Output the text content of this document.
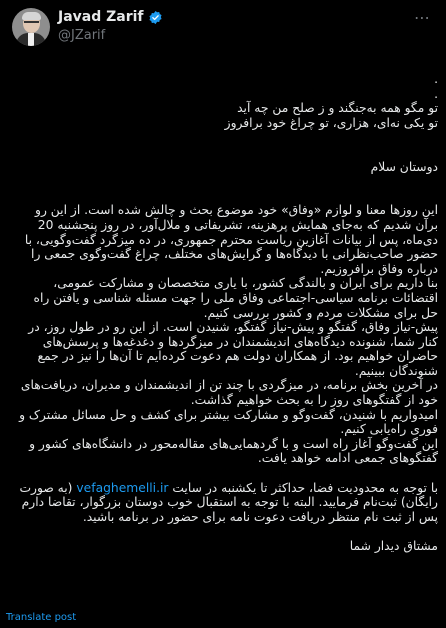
Javad Zarif
@JZarif
⋯

.

.

تو مگو همه به‌جنگند و ز صلح من چه آید

تو یکی نه‌ای، هزاری، تو چراغ خود برافروز

دوستان سلام

این روزها معنا و لوازم «وفاق» خود موضوع بحث و چالش شده است. از این رو برآن شدیم که به‌جای همایش پرهزینه، تشریفاتی و ملال‌آور، در روز پنجشنبه 20 دی‌ماه، پس از بیانات آغازین ریاست محترم جمهوری، در ده میزگرد گفت‌وگویی، با حضور صاحب‌نظرانی با دیدگاه‌ها و گرایش‌های مختلف، چراغ گفت‌وگوی جمعی را درباره وفاق برافروزیم.

بنا داریم برای ایران و بالندگی کشور، با یاری متخصصان و مشارکت عمومی، اقتضائات برنامه سیاسی-اجتماعی وفاق ملی را جهت مسئله شناسی و یافتن راه حل برای مشکلات مردم و کشور بررسی کنیم.

پیش-نیاز وفاق، گفتگو و پیش-نیاز گفتگو، شنیدن است. از این رو در طول روز، در کنار شما، شنونده دیدگاه‌های اندیشمندان در میزگردها و دغدغه‌ها و پرسش‌های حاضران خواهیم بود. از همکاران دولت هم دعوت کرده‌ایم تا آن‌ها را نیز در جمع شنوندگان ببینیم.

در آخرین بخش برنامه، در میزگردی با چند تن از اندیشمندان و مدیران، دریافت‌های خود از گفتگوهای روز را به بحث خواهیم گذاشت.

امیدواریم با شنیدن، گفت‌وگو و مشارکت بیشتر برای کشف و حل مسائل مشترک و فوری راه‌یابی کنیم.

این گفت‌وگو آغاز راه است و با گردهمایی‌های مقاله‌محور در دانشگاه‌های کشور و گفتگوهای جمعی ادامه خواهد یافت.

با توجه به محدودیت فضا، حداکثر تا یکشنبه در سایت vefaghemelli.ir (به صورت رایگان) ثبت‌نام فرمایید. البته با توجه به استقبال خوب دوستان بزرگوار، تقاضا دارم پس از ثبت نام منتظر دریافت دعوت نامه برای حضور در برنامه باشید.

مشتاق دیدار شما

Translate post
